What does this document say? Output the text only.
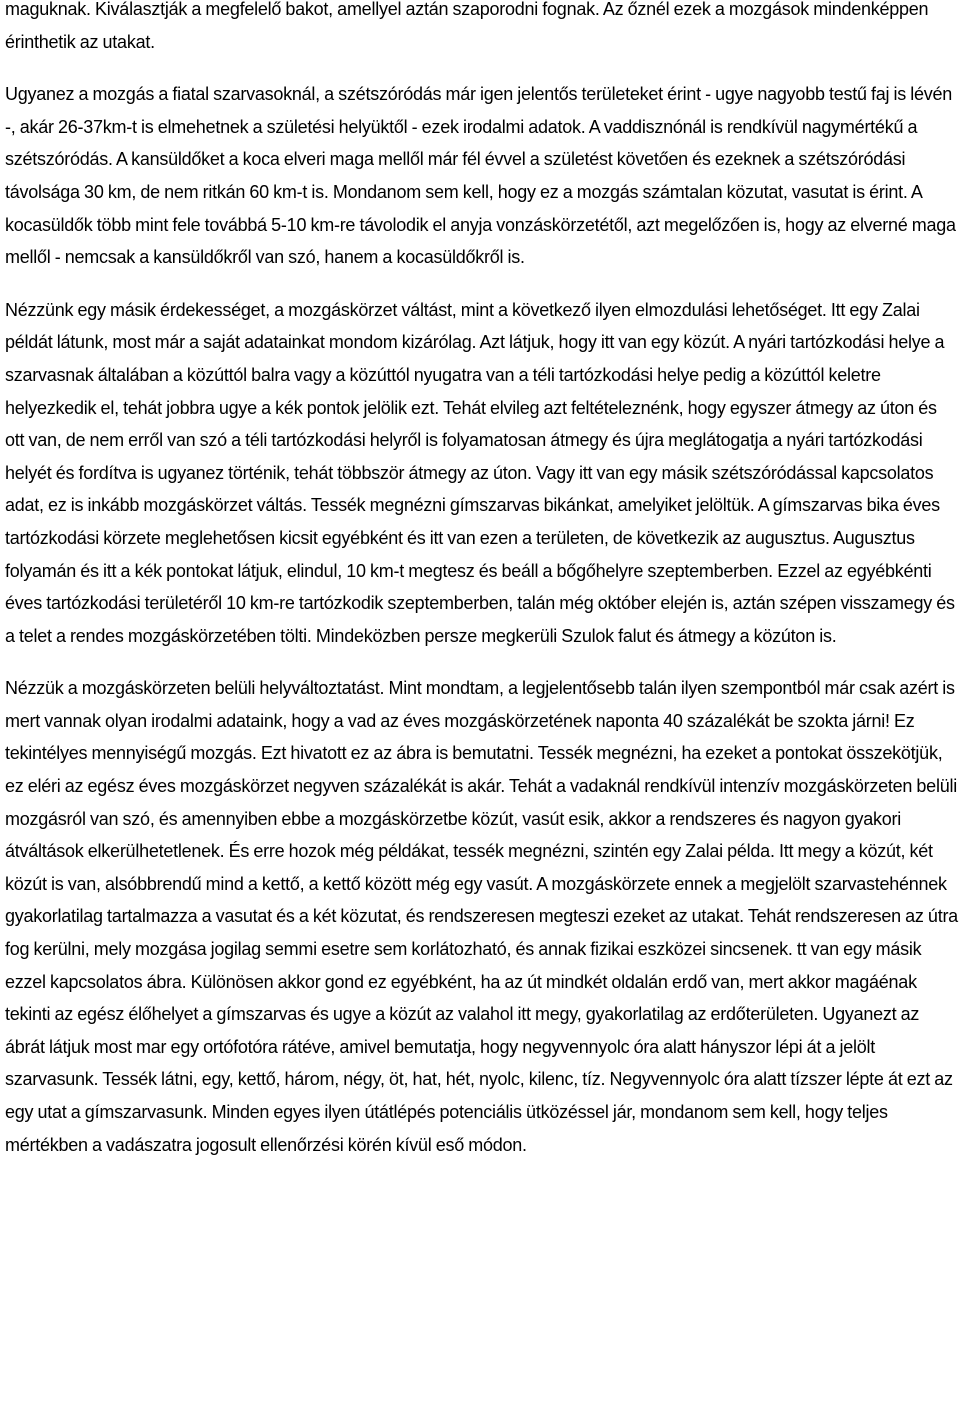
maguknak. Kiválasztják a megfelelő bakot, amellyel aztán szaporodni fognak. Az őznél ezek a mozgások mindenképpen érinthetik az utakat.

Ugyanez a mozgás a fiatal szarvasoknál, a szétszóródás már igen jelentős területeket érint - ugye nagyobb testű faj is lévén -, akár 26-37km-t is elmehetnek a születési helyüktől - ezek irodalmi adatok. A vaddisznónál is rendkívül nagymértékű a szétszóródás. A kansüldőket a koca elveri maga mellől már fél évvel a születést követően és ezeknek a szétszóródási távolsága 30 km, de nem ritkán 60 km-t is. Mondanom sem kell, hogy ez a mozgás számtalan közutat, vasutat is érint. A kocasüldők több mint fele továbbá 5-10 km-re távolodik el anyja vonzáskörzetétől, azt megelőzően is, hogy az elverné maga mellől - nemcsak a kansüldőkről van szó, hanem a kocasüldőkről is.

Nézzünk egy másik érdekességet, a mozgáskörzet váltást, mint a következő ilyen elmozdulási lehetőséget. Itt egy Zalai példát látunk, most már a saját adatainkat mondom kizárólag. Azt látjuk, hogy itt van egy közút. A nyári tartózkodási helye a szarvasnak általában a közúttól balra vagy a közúttól nyugatra van a téli tartózkodási helye pedig a közúttól keletre helyezkedik el, tehát jobbra ugye a kék pontok jelölik ezt. Tehát elvileg azt feltételeznénk, hogy egyszer átmegy az úton és ott van, de nem erről van szó a téli tartózkodási helyről is folyamatosan átmegy és újra meglátogatja a nyári tartózkodási helyét és fordítva is ugyanez történik, tehát többször átmegy az úton. Vagy itt van egy másik szétszóródással kapcsolatos adat, ez is inkább mozgáskörzet váltás. Tessék megnézni gímszarvas bikánkat, amelyiket jelöltük. A gímszarvas bika éves tartózkodási körzete meglehetősen kicsit egyébként és itt van ezen a területen, de következik az augusztus. Augusztus folyamán és itt a kék pontokat látjuk, elindul, 10 km-t megtesz és beáll a bőgőhelyre szeptemberben. Ezzel az egyébkénti éves tartózkodási területéről 10 km-re tartózkodik szeptemberben, talán még október elején is, aztán szépen visszamegy és a telet a rendes mozgáskörzetében tölti. Mindeközben persze megkerüli Szulok falut és átmegy a közúton is.

Nézzük a mozgáskörzeten belüli helyváltoztatást. Mint mondtam, a legjelentősebb talán ilyen szempontból már csak azért is mert vannak olyan irodalmi adataink, hogy a vad az éves mozgáskörzetének naponta 40 százalékát be szokta járni! Ez tekintélyes mennyiségű mozgás. Ezt hivatott ez az ábra is bemutatni. Tessék megnézni, ha ezeket a pontokat összekötjük, ez eléri az egész éves mozgáskörzet negyven százalékát is akár. Tehát a vadaknál rendkívül intenzív mozgáskörzeten belüli mozgásról van szó, és amennyiben ebbe a mozgáskörzetbe közút, vasút esik, akkor a rendszeres és nagyon gyakori átváltások elkerülhetetlenek. És erre hozok még példákat, tessék megnézni, szintén egy Zalai példa. Itt megy a közút, két közút is van, alsóbbrendű mind a kettő, a kettő között még egy vasút. A mozgáskörzete ennek a megjelölt szarvastehénnek gyakorlatilag tartalmazza a vasutat és a két közutat, és rendszeresen megteszi ezeket az utakat. Tehát rendszeresen az útra fog kerülni, mely mozgása jogilag semmi esetre sem korlátozható, és annak fizikai eszközei sincsenek. tt van egy másik ezzel kapcsolatos ábra. Különösen akkor gond ez egyébként, ha az út mindkét oldalán erdő van, mert akkor magáénak tekinti az egész élőhelyet a gímszarvas és ugye a közút az valahol itt megy, gyakorlatilag az erdőterületen. Ugyanezt az ábrát látjuk most mar egy ortófotóra rátéve, amivel bemutatja, hogy negyvennyolc óra alatt hányszor lépi át a jelölt szarvasunk. Tessék látni, egy, kettő, három, négy, öt, hat, hét, nyolc, kilenc, tíz. Negyvennyolc óra alatt tízszer lépte át ezt az egy utat a gímszarvasunk. Minden egyes ilyen útátlépés potenciális ütközéssel jár, mondanom sem kell, hogy teljes mértékben a vadászatra jogosult ellenőrzési körén kívül eső módon.
